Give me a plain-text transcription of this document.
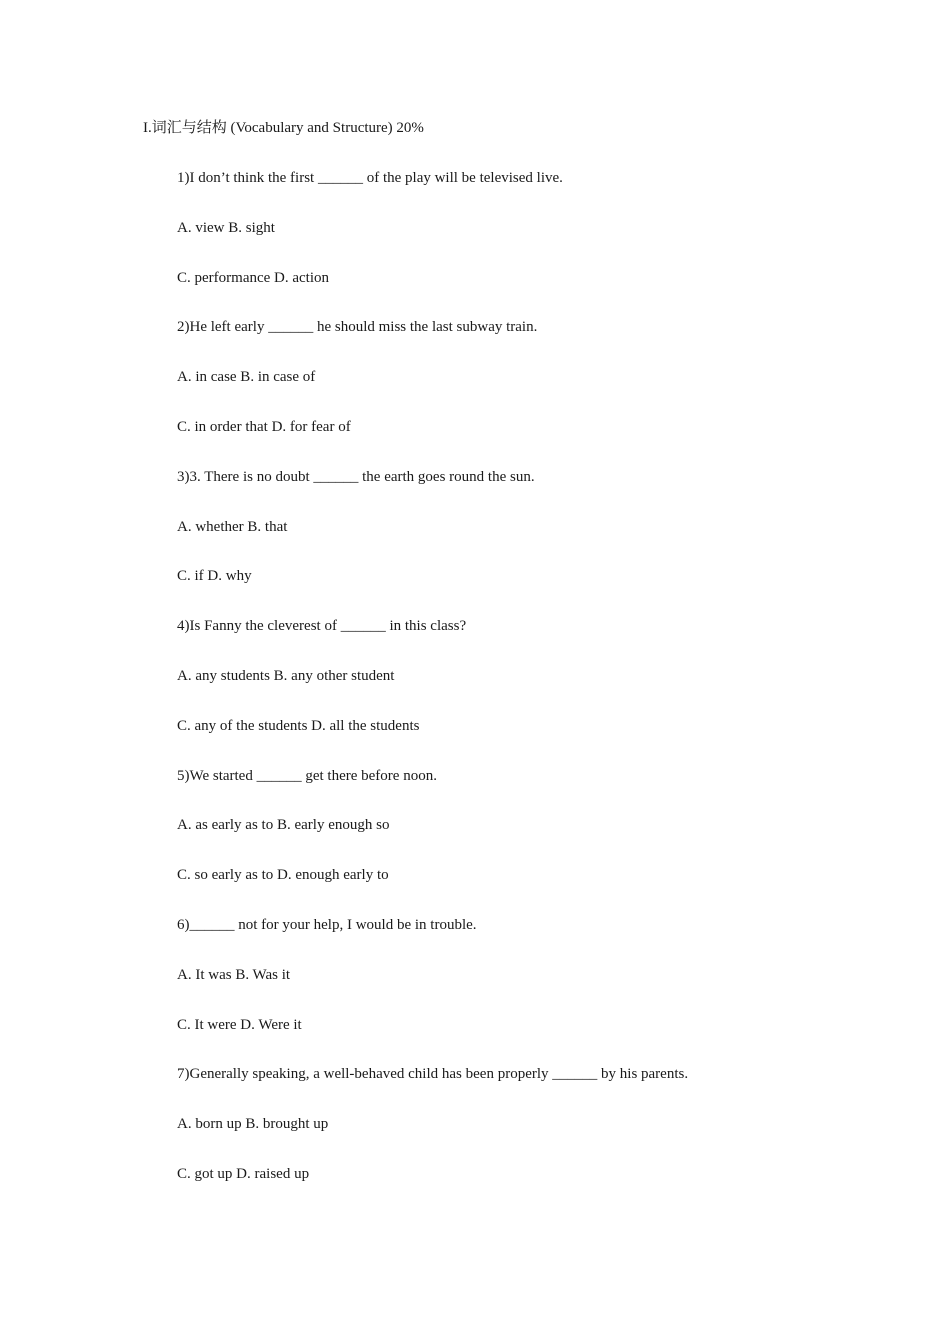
I.词汇与结构 (Vocabulary and Structure) 20%
1)I don’t think the first ______ of the play will be televised live.
A. view B. sight
C. performance D. action
2)He left early ______ he should miss the last subway train.
A. in case B. in case of
C. in order that D. for fear of
3)3. There is no doubt ______ the earth goes round the sun.
A. whether B. that
C. if D. why
4)Is Fanny the cleverest of ______ in this class?
A. any students B. any other student
C. any of the students D. all the students
5)We started ______ get there before noon.
A. as early as to B. early enough so
C. so early as to D. enough early to
6)______ not for your help, I would be in trouble.
A. It was B. Was it
C. It were D. Were it
7)Generally speaking, a well-behaved child has been properly ______ by his parents.
A. born up B. brought up
C. got up D. raised up
